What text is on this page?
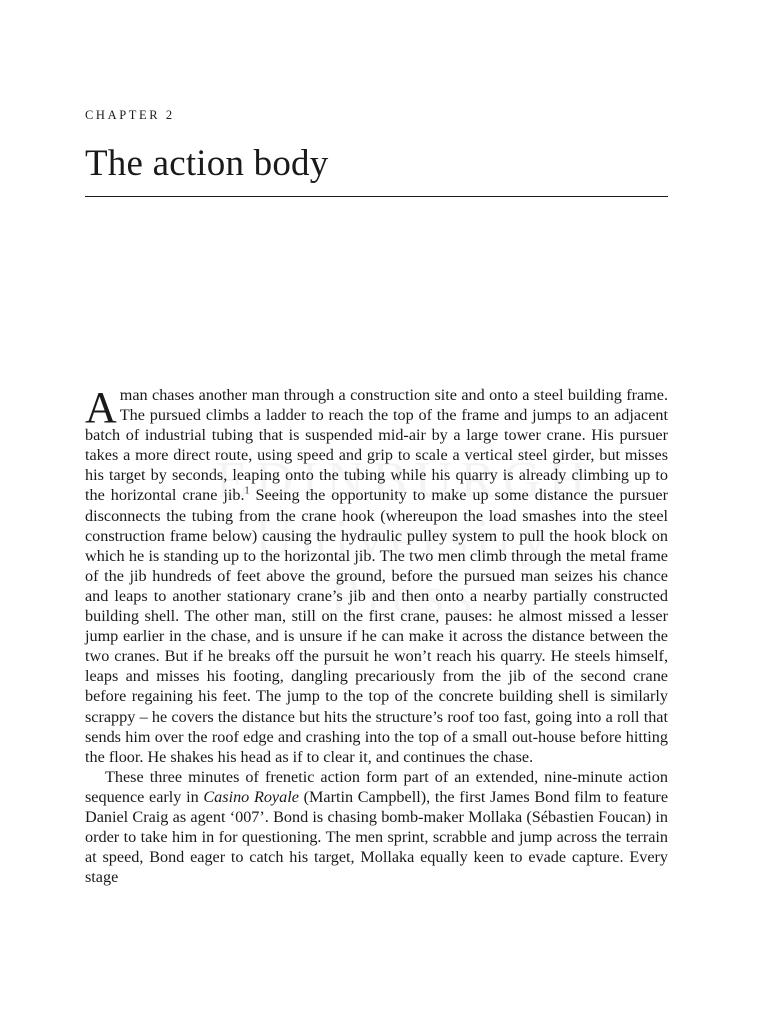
CHAPTER 2
The action body

A man chases another man through a construction site and onto a steel building frame. The pursued climbs a ladder to reach the top of the frame and jumps to an adjacent batch of industrial tubing that is suspended mid-air by a large tower crane. His pursuer takes a more direct route, using speed and grip to scale a vertical steel girder, but misses his target by seconds, leaping onto the tubing while his quarry is already climbing up to the horizontal crane jib.$^1$ Seeing the opportunity to make up some distance the pursuer disconnects the tubing from the crane hook (whereupon the load smashes into the steel construction frame below) causing the hydraulic pulley system to pull the hook block on which he is standing up to the horizontal jib. The two men climb through the metal frame of the jib hundreds of feet above the ground, before the pursued man seizes his chance and leaps to another stationary crane’s jib and then onto a nearby partially constructed building shell. The other man, still on the first crane, pauses: he almost missed a lesser jump earlier in the chase, and is unsure if he can make it across the distance between the two cranes. But if he breaks off the pursuit he won’t reach his quarry. He steels himself, leaps and misses his footing, dangling precariously from the jib of the second crane before regaining his feet. The jump to the top of the concrete building shell is similarly scrappy – he covers the distance but hits the structure’s roof too fast, going into a roll that sends him over the roof edge and crashing into the top of a small out-house before hitting the floor. He shakes his head as if to clear it, and continues the chase.

These three minutes of frenetic action form part of an extended, nine-minute action sequence early in Casino Royale (Martin Campbell), the first James Bond film to feature Daniel Craig as agent ‘007’. Bond is chasing bomb-maker Mollaka (Sébastien Foucan) in order to take him in for questioning. The men sprint, scrabble and jump across the terrain at speed, Bond eager to catch his target, Mollaka equally keen to evade capture. Every stage
